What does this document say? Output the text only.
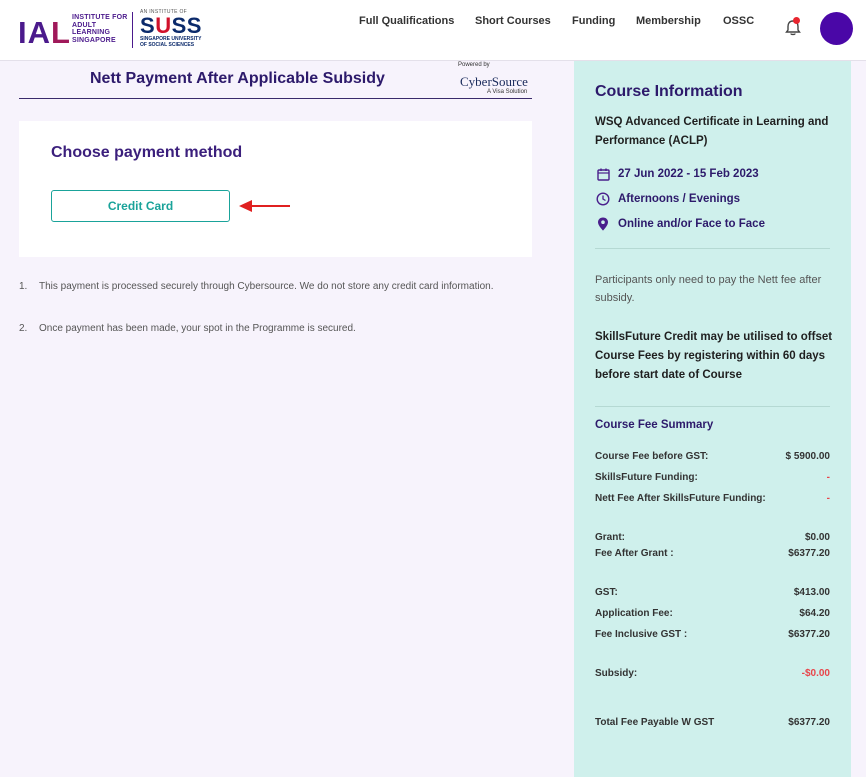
IAL INSTITUTE FOR ADULT LEARNING SINGAPORE
AN INSTITUTE OF
SUSS
SINGAPORE UNIVERSITY OF SOCIAL SCIENCES
Full Qualifications Short Courses Funding Membership OSSC
Nett Payment After Applicable Subsidy
Powered by
CyberSource
A Visa Solution
Choose payment method
Credit Card
1. This payment is processed securely through Cybersource. We do not store any credit card information.
2. Once payment has been made, your spot in the Programme is secured.
Course Information
WSQ Advanced Certificate in Learning and Performance (ACLP)
27 Jun 2022 - 15 Feb 2023
Afternoons / Evenings
Online and/or Face to Face
Participants only need to pay the Nett fee after subsidy.
SkillsFuture Credit may be utilised to offset Course Fees by registering within 60 days before start date of Course
Course Fee Summary
Course Fee before GST:	$ 5900.00
SkillsFuture Funding:	-
Nett Fee After SkillsFuture Funding:	-
Grant:	$0.00
Fee After Grant :	$6377.20
GST:	$413.00
Application Fee:	$64.20
Fee Inclusive GST :	$6377.20
Subsidy:	-$0.00
Total Fee Payable W GST	$6377.20
